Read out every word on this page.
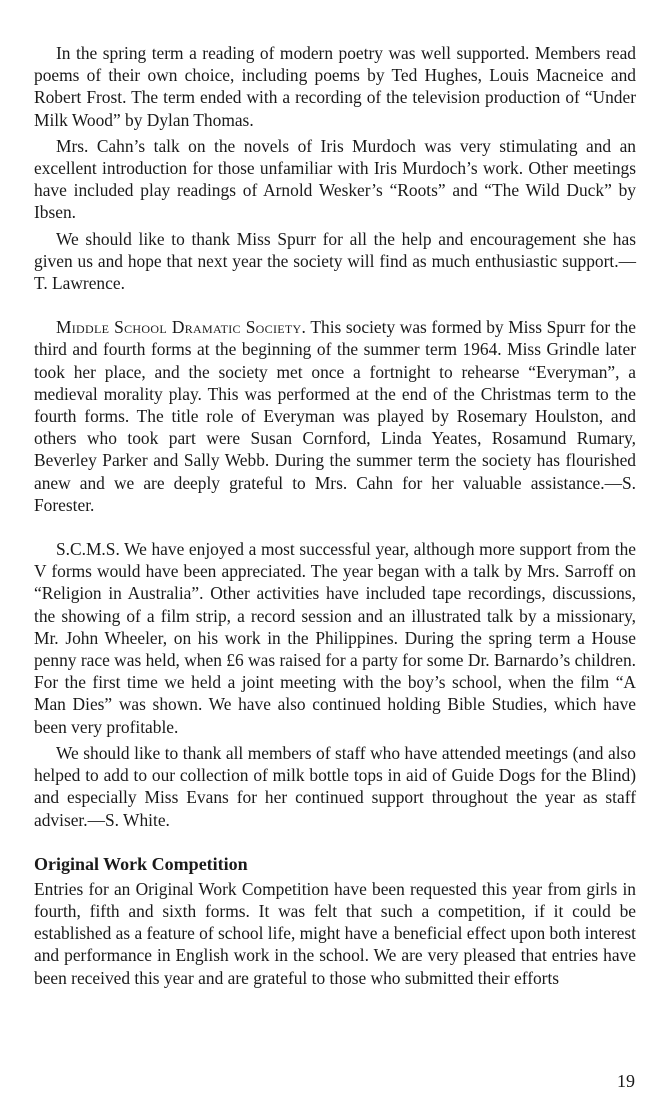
In the spring term a reading of modern poetry was well supported. Members read poems of their own choice, including poems by Ted Hughes, Louis Macneice and Robert Frost. The term ended with a recording of the television production of “Under Milk Wood” by Dylan Thomas.

Mrs. Cahn’s talk on the novels of Iris Murdoch was very stimulating and an excellent introduction for those unfamiliar with Iris Murdoch’s work. Other meetings have included play readings of Arnold Wesker’s “Roots” and “The Wild Duck” by Ibsen.

We should like to thank Miss Spurr for all the help and encouragement she has given us and hope that next year the society will find as much enthusiastic support.—T. Lawrence.

Middle School Dramatic Society. This society was formed by Miss Spurr for the third and fourth forms at the beginning of the summer term 1964. Miss Grindle later took her place, and the society met once a fortnight to rehearse “Everyman”, a medieval morality play. This was performed at the end of the Christmas term to the fourth forms. The title role of Everyman was played by Rosemary Houlston, and others who took part were Susan Cornford, Linda Yeates, Rosamund Rumary, Beverley Parker and Sally Webb. During the summer term the society has flourished anew and we are deeply grateful to Mrs. Cahn for her valuable assistance.—S. Forester.

S.C.M.S. We have enjoyed a most successful year, although more support from the V forms would have been appreciated. The year began with a talk by Mrs. Sarroff on “Religion in Australia”. Other activities have included tape recordings, discussions, the showing of a film strip, a record session and an illustrated talk by a missionary, Mr. John Wheeler, on his work in the Philippines. During the spring term a House penny race was held, when £6 was raised for a party for some Dr. Barnardo’s children. For the first time we held a joint meeting with the boy’s school, when the film “A Man Dies” was shown. We have also continued holding Bible Studies, which have been very profitable.

We should like to thank all members of staff who have attended meetings (and also helped to add to our collection of milk bottle tops in aid of Guide Dogs for the Blind) and especially Miss Evans for her continued support throughout the year as staff adviser.—S. White.

Original Work Competition

Entries for an Original Work Competition have been requested this year from girls in fourth, fifth and sixth forms. It was felt that such a competition, if it could be established as a feature of school life, might have a beneficial effect upon both interest and performance in English work in the school. We are very pleased that entries have been received this year and are grateful to those who submitted their efforts

19
